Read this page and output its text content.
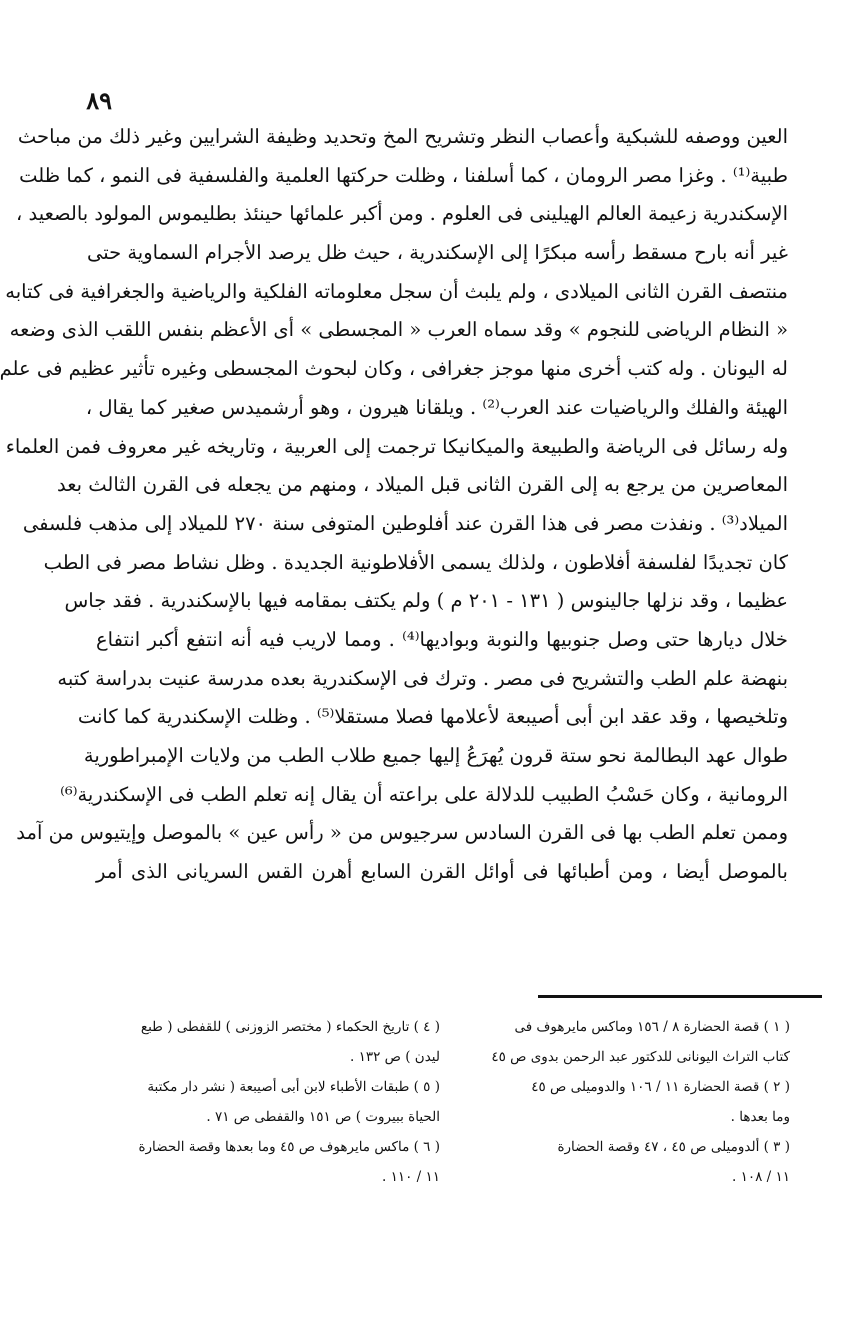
٨٩
العين ووصفه للشبكية وأعصاب النظر وتشريح المخ وتحديد وظيفة الشرايين وغير ذلك من مباحث
طبية⁽¹⁾ . وغزا مصر الرومان ، كما أسلفنا ، وظلت حركتها العلمية والفلسفية فى النمو ، كما ظلت
الإسكندرية زعيمة العالم الهيلينى فى العلوم . ومن أكبر علمائها حينئذ بطليموس المولود بالصعيد ،
غير أنه بارح مسقط رأسه مبكرًا إلى الإسكندرية ، حيث ظل يرصد الأجرام السماوية حتى
منتصف القرن الثانى الميلادى ، ولم يلبث أن سجل معلوماته الفلكية والرياضية والجغرافية فى كتابه
« النظام الرياضى للنجوم » وقد سماه العرب « المجسطى » أى الأعظم بنفس اللقب الذى وضعه
له اليونان . وله كتب أخرى منها موجز جغرافى ، وكان لبحوث المجسطى وغيره تأثير عظيم فى علم
الهيئة والفلك والرياضيات عند العرب⁽²⁾ . ويلقانا هيرون ، وهو أرشميدس صغير كما يقال ،
وله رسائل فى الرياضة والطبيعة والميكانيكا ترجمت إلى العربية ، وتاريخه غير معروف فمن العلماء
المعاصرين من يرجع به إلى القرن الثانى قبل الميلاد ، ومنهم من يجعله فى القرن الثالث بعد
الميلاد⁽³⁾ . ونفذت مصر فى هذا القرن عند أفلوطين المتوفى سنة ٢٧٠ للميلاد إلى مذهب فلسفى
كان تجديدًا لفلسفة أفلاطون ، ولذلك يسمى الأفلاطونية الجديدة . وظل نشاط مصر فى الطب
عظيما ، وقد نزلها جالينوس ( ١٣١ - ٢٠١ م ) ولم يكتف بمقامه فيها بالإسكندرية . فقد جاس
خلال ديارها حتى وصل جنوبيها والنوبة وبواديها⁽⁴⁾ . ومما لاريب فيه أنه انتفع أكبر انتفاع
بنهضة علم الطب والتشريح فى مصر . وترك فى الإسكندرية بعده مدرسة عنيت بدراسة كتبه
وتلخيصها ، وقد عقد ابن أبى أصيبعة لأعلامها فصلا مستقلا⁽⁵⁾ . وظلت الإسكندرية كما كانت
طوال عهد البطالمة نحو ستة قرون يُهرَعُ إليها جميع طلاب الطب من ولايات الإمبراطورية
الرومانية ، وكان حَسْبُ الطبيب للدلالة على براعته أن يقال إنه تعلم الطب فى الإسكندرية⁽⁶⁾
وممن تعلم الطب بها فى القرن السادس سرجيوس من « رأس عين » بالموصل وإيتيوس من آمد
بالموصل أيضا ، ومن أطبائها فى أوائل القرن السابع أهرن القس السريانى الذى أمر
( ١ ) قصة الحضارة ٨ / ١٥٦ وماكس مايرهوف فى
كتاب التراث اليونانى للدكتور عبد الرحمن بدوى ص ٤٥
( ٢ ) قصة الحضارة ١١ / ١٠٦ والدوميلى ص ٤٥
وما بعدها .
( ٣ ) ألدوميلى ص ٤٥ ، ٤٧ وقصة الحضارة
١١ / ١٠٨ .
( ٤ ) تاريخ الحكماء ( مختصر الزوزنى ) للقفطى ( طبع
ليدن ) ص ١٣٢ .
( ٥ ) طبقات الأطباء لابن أبى أصيبعة ( نشر دار مكتبة
الحياة ببيروت ) ص ١٥١ والقفطى ص ٧١ .
( ٦ ) ماكس مايرهوف ص ٤٥ وما بعدها وقصة الحضارة
١١ / ١١٠ .
